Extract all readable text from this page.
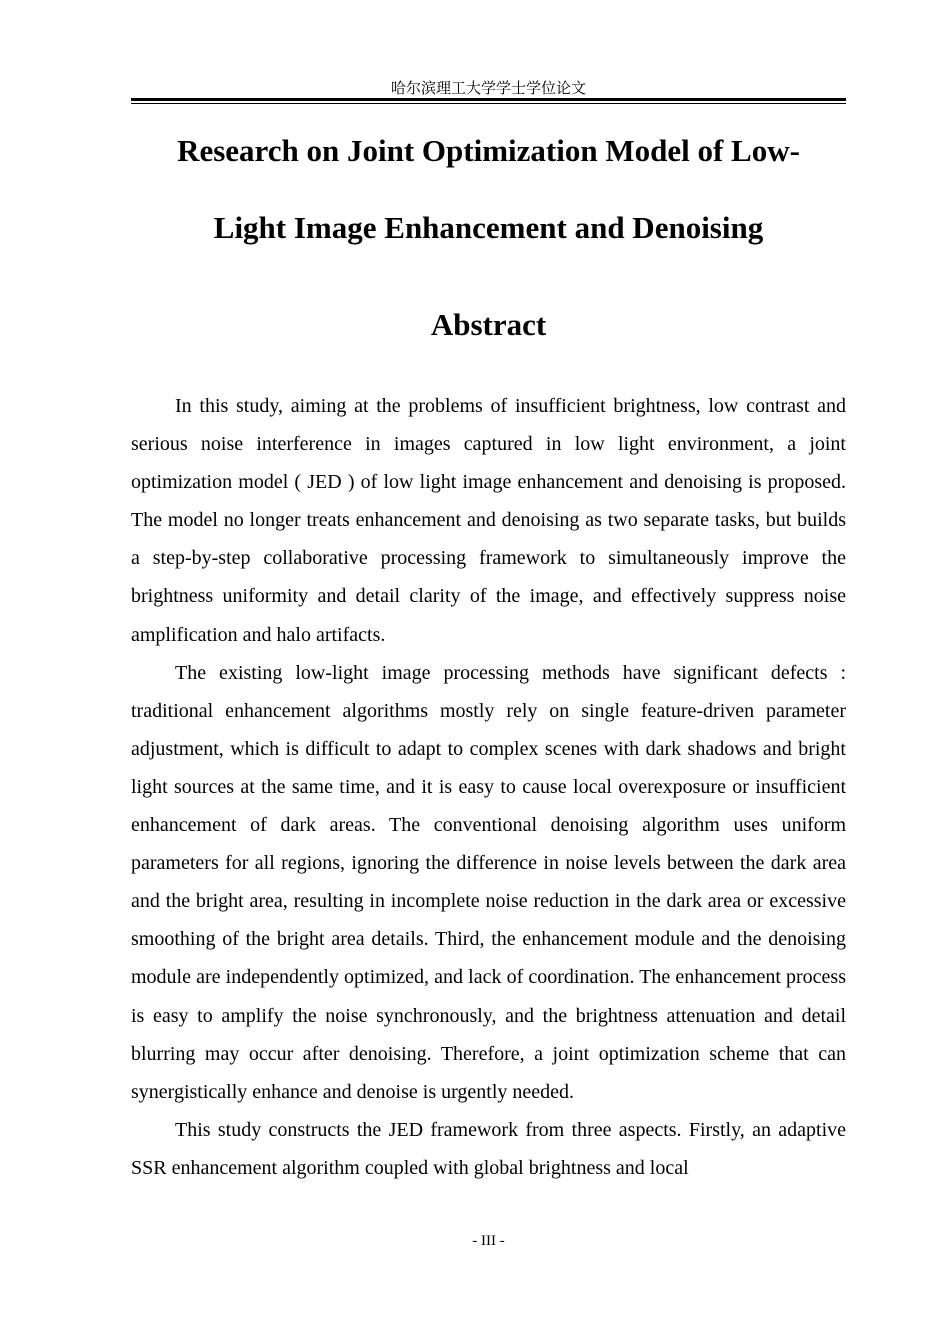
哈尔滨理工大学学士学位论文
Research on Joint Optimization Model of Low-
Light Image Enhancement and Denoising
Abstract

In this study, aiming at the problems of insufficient brightness, low contrast and serious noise interference in images captured in low light environment, a joint optimization model ( JED ) of low light image enhancement and denoising is proposed. The model no longer treats enhancement and denoising as two separate tasks, but builds a step-by-step collaborative processing framework to simultaneously improve the brightness uniformity and detail clarity of the image, and effectively suppress noise amplification and halo artifacts.

The existing low-light image processing methods have significant defects : traditional enhancement algorithms mostly rely on single feature-driven parameter adjustment, which is difficult to adapt to complex scenes with dark shadows and bright light sources at the same time, and it is easy to cause local overexposure or insufficient enhancement of dark areas. The conventional denoising algorithm uses uniform parameters for all regions, ignoring the difference in noise levels between the dark area and the bright area, resulting in incomplete noise reduction in the dark area or excessive smoothing of the bright area details. Third, the enhancement module and the denoising module are independently optimized, and lack of coordination. The enhancement process is easy to amplify the noise synchronously, and the brightness attenuation and detail blurring may occur after denoising. Therefore, a joint optimization scheme that can synergistically enhance and denoise is urgently needed.

This study constructs the JED framework from three aspects. Firstly, an adaptive SSR enhancement algorithm coupled with global brightness and local

- III -
